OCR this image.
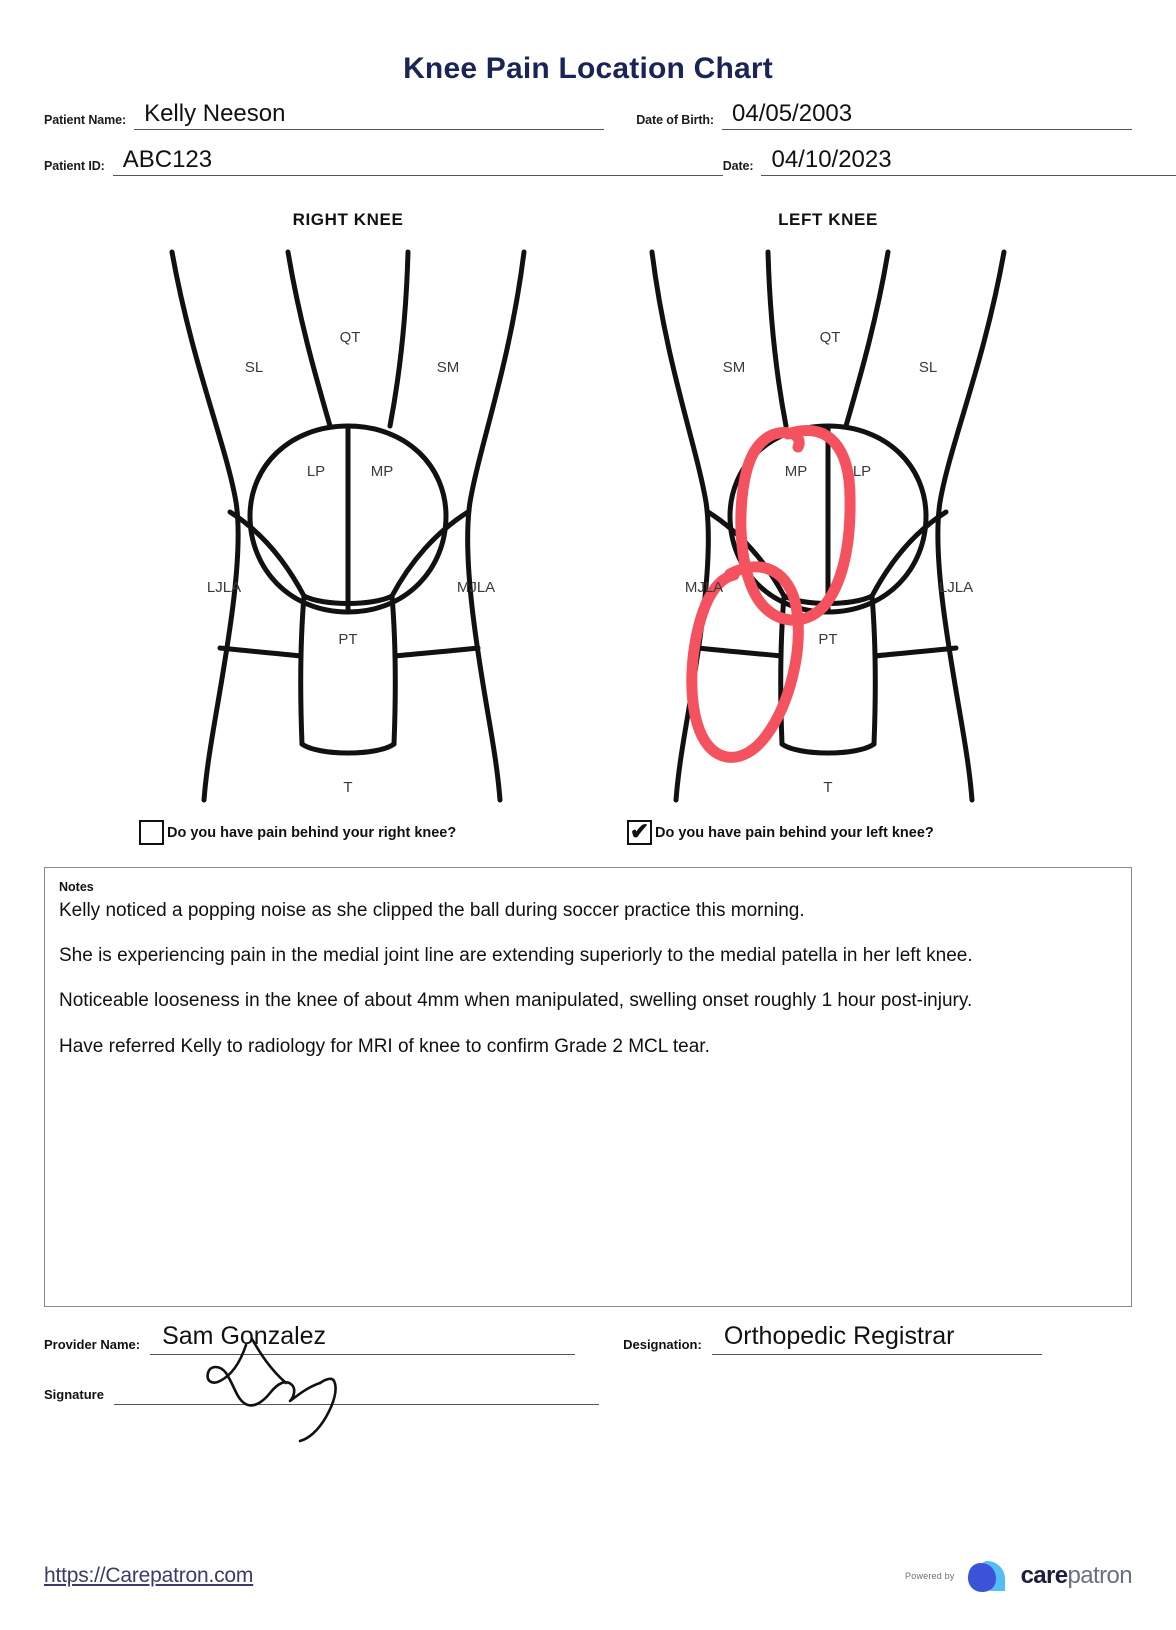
Knee Pain Location Chart
Patient Name: Kelly Neeson	Date of Birth: 04/05/2003
Patient ID: ABC123	Date: 04/10/2023
RIGHT KNEE
SL
QT
SM
LP	MP
LJLA	MJLA
PT
T
LEFT KNEE
SM
QT
SL
MP	LP
MJLA	LJLA
PT
T
Do you have pain behind your right knee?	✔ Do you have pain behind your left knee?
Notes

Kelly noticed a popping noise as she clipped the ball during soccer practice this morning.

She is experiencing pain in the medial joint line are extending superiorly to the medial patella in her left knee.

Noticeable looseness in the knee of about 4mm when manipulated, swelling onset roughly 1 hour post-injury.

Have referred Kelly to radiology for MRI of knee to confirm Grade 2 MCL tear.

Provider Name: Sam Gonzalez	Designation: Orthopedic Registrar
Signature
https://Carepatron.com	Powered by	carepatron
